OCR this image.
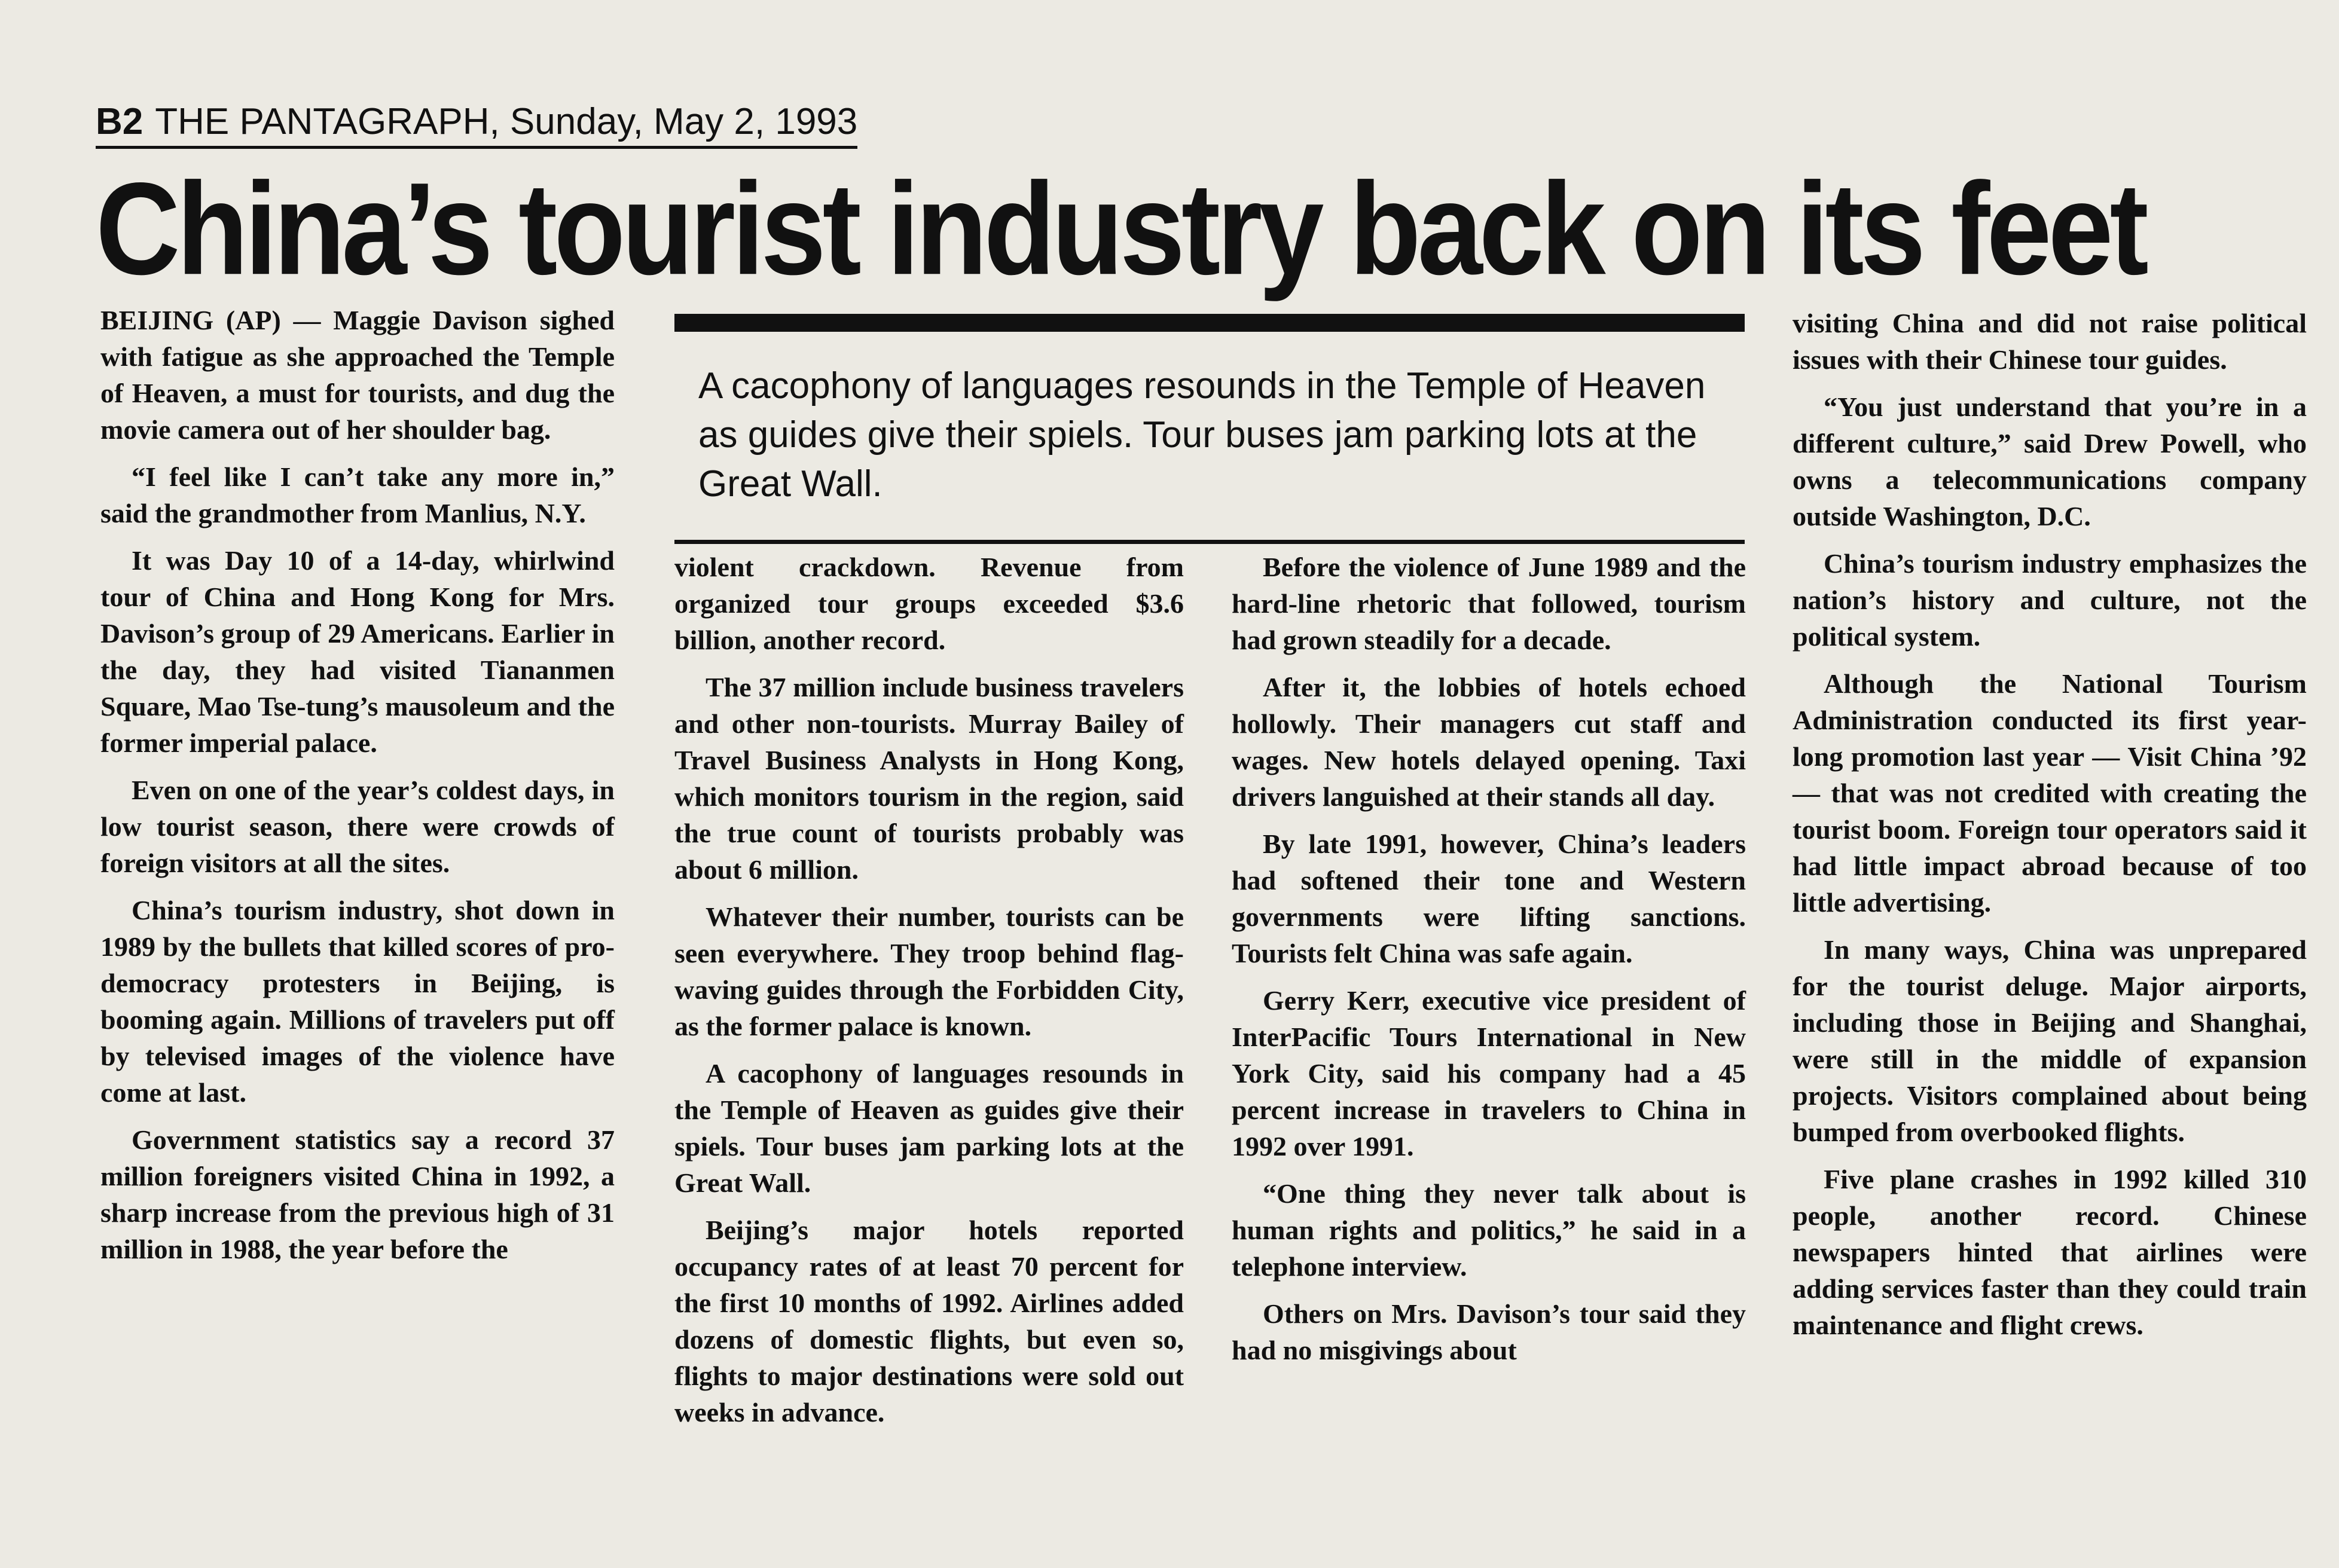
B2 THE PANTAGRAPH, Sunday, May 2, 1993
China’s tourist industry back on its feet

BEIJING (AP) — Maggie Davison sighed with fatigue as she approached the Temple of Heaven, a must for tourists, and dug the movie camera out of her shoulder bag.

“I feel like I can’t take any more in,” said the grandmother from Manlius, N.Y.

It was Day 10 of a 14-day, whirlwind tour of China and Hong Kong for Mrs. Davison’s group of 29 Americans. Earlier in the day, they had visited Tiananmen Square, Mao Tse-tung’s mausoleum and the former imperial palace.

Even on one of the year’s coldest days, in low tourist season, there were crowds of foreign visitors at all the sites.

China’s tourism industry, shot down in 1989 by the bullets that killed scores of pro-democracy protesters in Beijing, is booming again. Millions of travelers put off by televised images of the violence have come at last.

Government statistics say a record 37 million foreigners visited China in 1992, a sharp increase from the previous high of 31 million in 1988, the year before the

A cacophony of languages resounds in the Temple of Heaven as guides give their spiels. Tour buses jam parking lots at the Great Wall.

violent crackdown. Revenue from organized tour groups exceeded $3.6 billion, another record.

The 37 million include business travelers and other non-tourists. Murray Bailey of Travel Business Analysts in Hong Kong, which monitors tourism in the region, said the true count of tourists probably was about 6 million.

Whatever their number, tourists can be seen everywhere. They troop behind flag-waving guides through the Forbidden City, as the former palace is known.

A cacophony of languages resounds in the Temple of Heaven as guides give their spiels. Tour buses jam parking lots at the Great Wall.

Beijing’s major hotels reported occupancy rates of at least 70 percent for the first 10 months of 1992. Airlines added dozens of domestic flights, but even so, flights to major destinations were sold out weeks in advance.

Before the violence of June 1989 and the hard-line rhetoric that followed, tourism had grown steadily for a decade.

After it, the lobbies of hotels echoed hollowly. Their managers cut staff and wages. New hotels delayed opening. Taxi drivers languished at their stands all day.

By late 1991, however, China’s leaders had softened their tone and Western governments were lifting sanctions. Tourists felt China was safe again.

Gerry Kerr, executive vice president of InterPacific Tours International in New York City, said his company had a 45 percent increase in travelers to China in 1992 over 1991.

“One thing they never talk about is human rights and politics,” he said in a telephone interview.

Others on Mrs. Davison’s tour said they had no misgivings about

visiting China and did not raise political issues with their Chinese tour guides.

“You just understand that you’re in a different culture,” said Drew Powell, who owns a telecommunications company outside Washington, D.C.

China’s tourism industry emphasizes the nation’s history and culture, not the political system.

Although the National Tourism Administration conducted its first year-long promotion last year — Visit China ’92 — that was not credited with creating the tourist boom. Foreign tour operators said it had little impact abroad because of too little advertising.

In many ways, China was unprepared for the tourist deluge. Major airports, including those in Beijing and Shanghai, were still in the middle of expansion projects. Visitors complained about being bumped from overbooked flights.

Five plane crashes in 1992 killed 310 people, another record. Chinese newspapers hinted that airlines were adding services faster than they could train maintenance and flight crews.
